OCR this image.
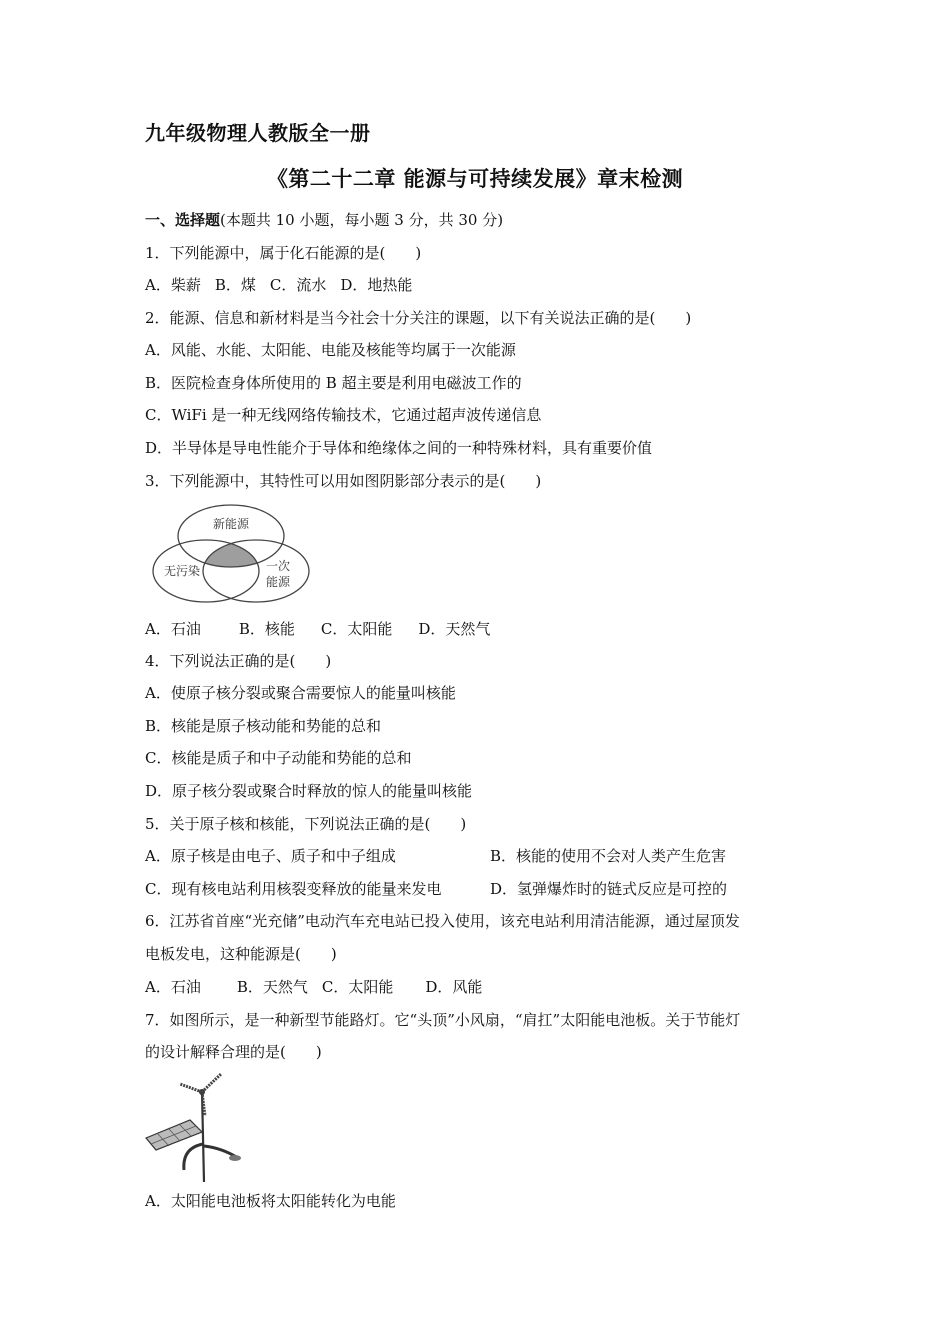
九年级物理人教版全一册
《第二十二章 能源与可持续发展》章末检测
一、选择题(本题共 10 小题，每小题 3 分，共 30 分)
1．下列能源中，属于化石能源的是(　　)
A．柴薪 B．煤 C．流水 D．地热能
2．能源、信息和新材料是当今社会十分关注的课题，以下有关说法正确的是(　　)
A．风能、水能、太阳能、电能及核能等均属于一次能源
B．医院检查身体所使用的 B 超主要是利用电磁波工作的
C．WiFi 是一种无线网络传输技术，它通过超声波传递信息
D．半导体是导电性能介于导体和绝缘体之间的一种特殊材料，具有重要价值
3．下列能源中，其特性可以用如图阴影部分表示的是(　　)
新能源
无污染	一次
能源
A．石油	B．核能 C．太阳能 D．天然气
4．下列说法正确的是(　　)
A．使原子核分裂或聚合需要惊人的能量叫核能
B．核能是原子核动能和势能的总和
C．核能是质子和中子动能和势能的总和
D．原子核分裂或聚合时释放的惊人的能量叫核能
5．关于原子核和核能，下列说法正确的是(　　)
A．原子核是由电子、质子和中子组成	B．核能的使用不会对人类产生危害
C．现有核电站利用核裂变释放的能量来发电	D．氢弹爆炸时的链式反应是可控的
6．江苏省首座“光充储”电动汽车充电站已投入使用，该充电站利用清洁能源，通过屋顶发
电板发电，这种能源是(　　)
A．石油 B．天然气 C．太阳能 D．风能
7．如图所示，是一种新型节能路灯。它“头顶”小风扇，“肩扛”太阳能电池板。关于节能灯
的设计解释合理的是(　　)
A．太阳能电池板将太阳能转化为电能
